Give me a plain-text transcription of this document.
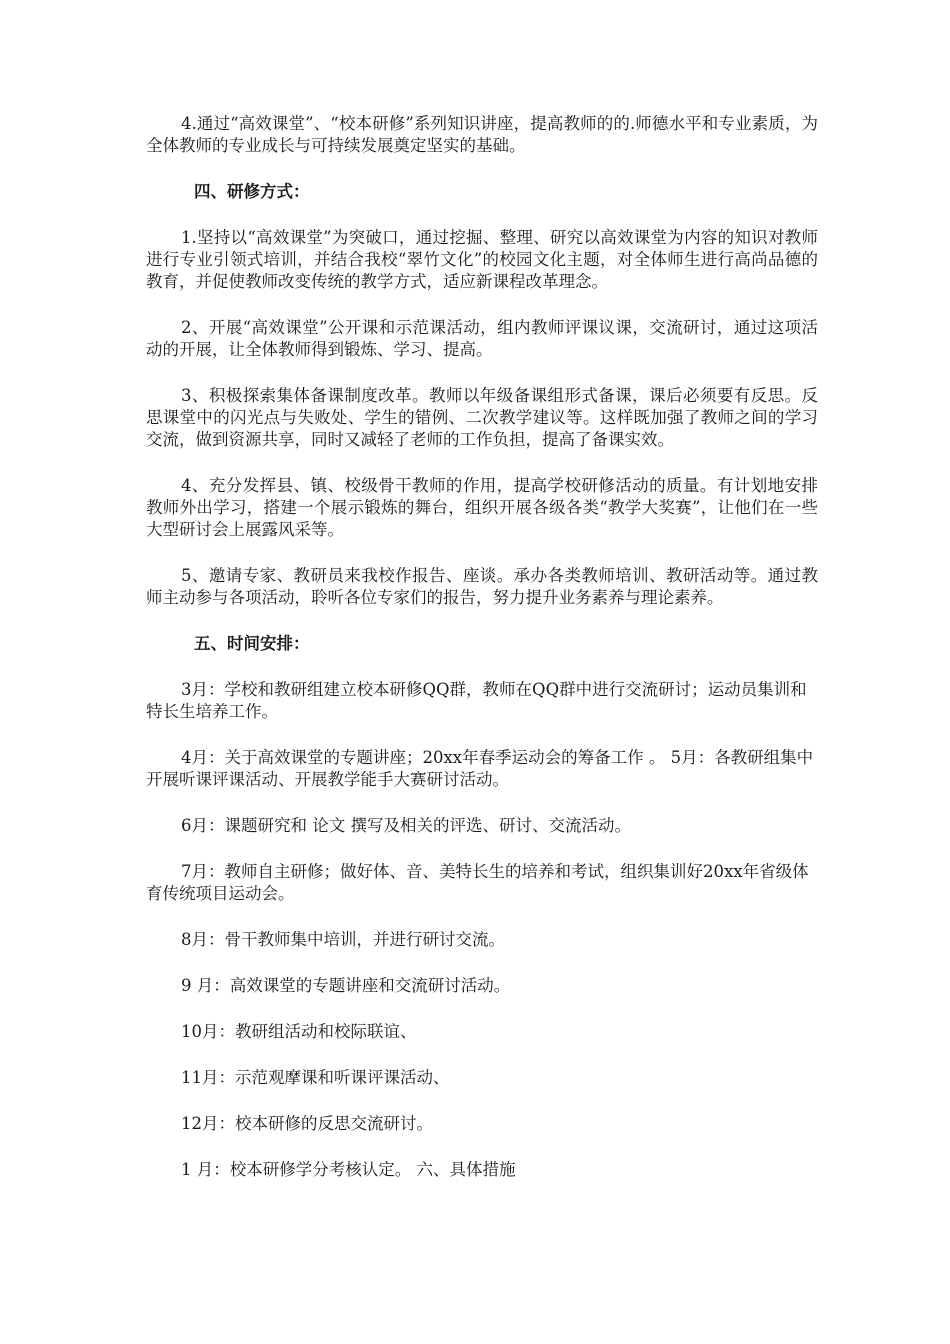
4.通过“高效课堂”、“校本研修”系列知识讲座，提高教师的的.师德水平和专业素质，为全体教师的专业成长与可持续发展奠定坚实的基础。

四、研修方式：

1.坚持以“高效课堂”为突破口，通过挖掘、整理、研究以高效课堂为内容的知识对教师进行专业引领式培训，并结合我校“翠竹文化”的校园文化主题，对全体师生进行高尚品德的教育，并促使教师改变传统的教学方式，适应新课程改革理念。

2、开展“高效课堂”公开课和示范课活动，组内教师评课议课，交流研讨，通过这项活动的开展，让全体教师得到锻炼、学习、提高。

3、积极探索集体备课制度改革。教师以年级备课组形式备课，课后必须要有反思。反思课堂中的闪光点与失败处、学生的错例、二次教学建议等。这样既加强了教师之间的学习交流，做到资源共享，同时又减轻了老师的工作负担，提高了备课实效。

4、充分发挥县、镇、校级骨干教师的作用，提高学校研修活动的质量。有计划地安排教师外出学习，搭建一个展示锻炼的舞台，组织开展各级各类“教学大奖赛”，让他们在一些大型研讨会上展露风采等。

5、邀请专家、教研员来我校作报告、座谈。承办各类教师培训、教研活动等。通过教师主动参与各项活动，聆听各位专家们的报告，努力提升业务素养与理论素养。

五、时间安排：

3月：学校和教研组建立校本研修QQ群，教师在QQ群中进行交流研讨；运动员集训和特长生培养工作。

4月：关于高效课堂的专题讲座；20xx年春季运动会的筹备工作 。 5月：各教研组集中开展听课评课活动、开展教学能手大赛研讨活动。

6月：课题研究和 论文 撰写及相关的评选、研讨、交流活动。

7月：教师自主研修；做好体、音、美特长生的培养和考试，组织集训好20xx年省级体育传统项目运动会。

8月：骨干教师集中培训，并进行研讨交流。

9 月：高效课堂的专题讲座和交流研讨活动。

10月：教研组活动和校际联谊、

11月：示范观摩课和听课评课活动、

12月：校本研修的反思交流研讨。

1 月：校本研修学分考核认定。 六、具体措施
